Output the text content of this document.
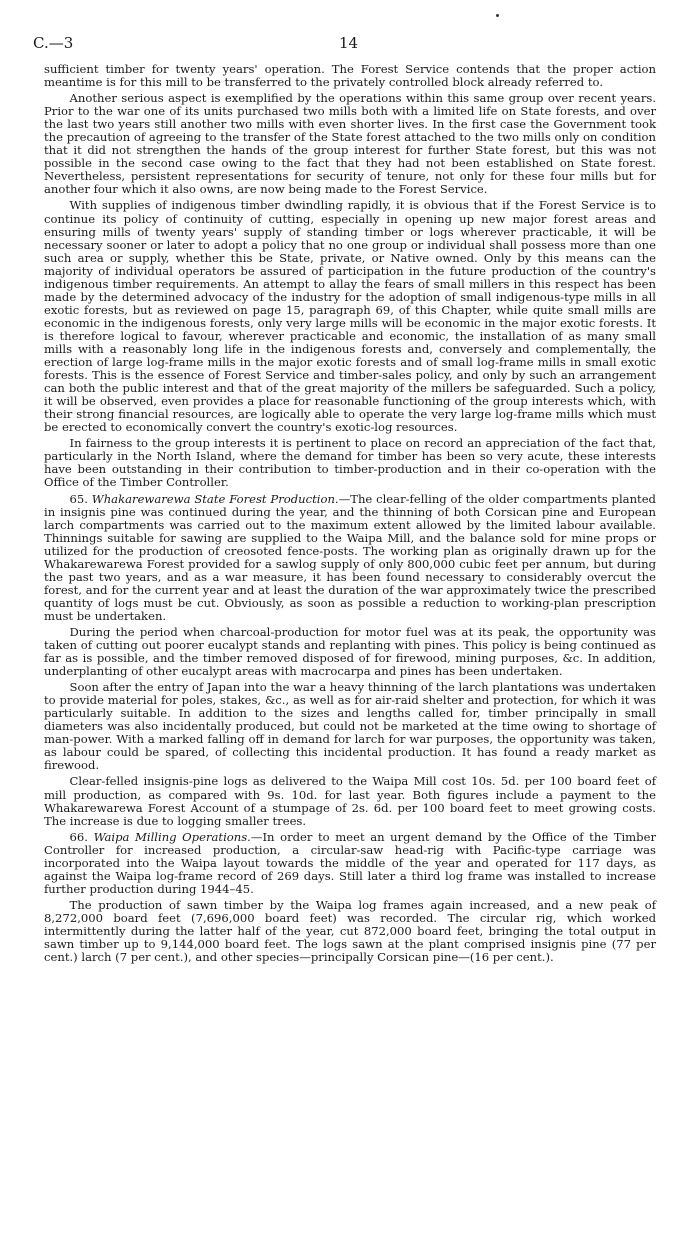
C.—3	14

sufficient timber for twenty years' operation. The Forest Service contends that the proper action meantime is for this mill to be transferred to the privately controlled block already referred to.

Another serious aspect is exemplified by the operations within this same group over recent years. Prior to the war one of its units purchased two mills both with a limited life on State forests, and over the last two years still another two mills with even shorter lives. In the first case the Government took the precaution of agreeing to the transfer of the State forest attached to the two mills only on condition that it did not strengthen the hands of the group interest for further State forest, but this was not possible in the second case owing to the fact that they had not been established on State forest. Nevertheless, persistent representations for security of tenure, not only for these four mills but for another four which it also owns, are now being made to the Forest Service.

With supplies of indigenous timber dwindling rapidly, it is obvious that if the Forest Service is to continue its policy of continuity of cutting, especially in opening up new major forest areas and ensuring mills of twenty years' supply of standing timber or logs wherever practicable, it will be necessary sooner or later to adopt a policy that no one group or individual shall possess more than one such area or supply, whether this be State, private, or Native owned. Only by this means can the majority of individual operators be assured of participation in the future production of the country's indigenous timber requirements. An attempt to allay the fears of small millers in this respect has been made by the determined advocacy of the industry for the adoption of small indigenous-type mills in all exotic forests, but as reviewed on page 15, paragraph 69, of this Chapter, while quite small mills are economic in the indigenous forests, only very large mills will be economic in the major exotic forests. It is therefore logical to favour, wherever practicable and economic, the installation of as many small mills with a reasonably long life in the indigenous forests and, conversely and complementally, the erection of large log-frame mills in the major exotic forests and of small log-frame mills in small exotic forests. This is the essence of Forest Service and timber-sales policy, and only by such an arrangement can both the public interest and that of the great majority of the millers be safeguarded. Such a policy, it will be observed, even provides a place for reasonable functioning of the group interests which, with their strong financial resources, are logically able to operate the very large log-frame mills which must be erected to economically convert the country's exotic-log resources.

In fairness to the group interests it is pertinent to place on record an appreciation of the fact that, particularly in the North Island, where the demand for timber has been so very acute, these interests have been outstanding in their contribution to timber-production and in their co-operation with the Office of the Timber Controller.

65. Whakarewarewa State Forest Production.—The clear-felling of the older compartments planted in insignis pine was continued during the year, and the thinning of both Corsican pine and European larch compartments was carried out to the maximum extent allowed by the limited labour available. Thinnings suitable for sawing are supplied to the Waipa Mill, and the balance sold for mine props or utilized for the production of creosoted fence-posts. The working plan as originally drawn up for the Whakarewarewa Forest provided for a sawlog supply of only 800,000 cubic feet per annum, but during the past two years, and as a war measure, it has been found necessary to considerably overcut the forest, and for the current year and at least the duration of the war approximately twice the prescribed quantity of logs must be cut. Obviously, as soon as possible a reduction to working-plan prescription must be undertaken.

During the period when charcoal-production for motor fuel was at its peak, the opportunity was taken of cutting out poorer eucalypt stands and replanting with pines. This policy is being continued as far as is possible, and the timber removed disposed of for firewood, mining purposes, &c. In addition, underplanting of other eucalypt areas with macrocarpa and pines has been undertaken.

Soon after the entry of Japan into the war a heavy thinning of the larch plantations was undertaken to provide material for poles, stakes, &c., as well as for air-raid shelter and protection, for which it was particularly suitable. In addition to the sizes and lengths called for, timber principally in small diameters was also incidentally produced, but could not be marketed at the time owing to shortage of man-power. With a marked falling off in demand for larch for war purposes, the opportunity was taken, as labour could be spared, of collecting this incidental production. It has found a ready market as firewood.

Clear-felled insignis-pine logs as delivered to the Waipa Mill cost 10s. 5d. per 100 board feet of mill production, as compared with 9s. 10d. for last year. Both figures include a payment to the Whakarewarewa Forest Account of a stumpage of 2s. 6d. per 100 board feet to meet growing costs. The increase is due to logging smaller trees.

66. Waipa Milling Operations.—In order to meet an urgent demand by the Office of the Timber Controller for increased production, a circular-saw head-rig with Pacific-type carriage was incorporated into the Waipa layout towards the middle of the year and operated for 117 days, as against the Waipa log-frame record of 269 days. Still later a third log frame was installed to increase further production during 1944–45.

The production of sawn timber by the Waipa log frames again increased, and a new peak of 8,272,000 board feet (7,696,000 board feet) was recorded. The circular rig, which worked intermittently during the latter half of the year, cut 872,000 board feet, bringing the total output in sawn timber up to 9,144,000 board feet. The logs sawn at the plant comprised insignis pine (77 per cent.) larch (7 per cent.), and other species—principally Corsican pine—(16 per cent.).
